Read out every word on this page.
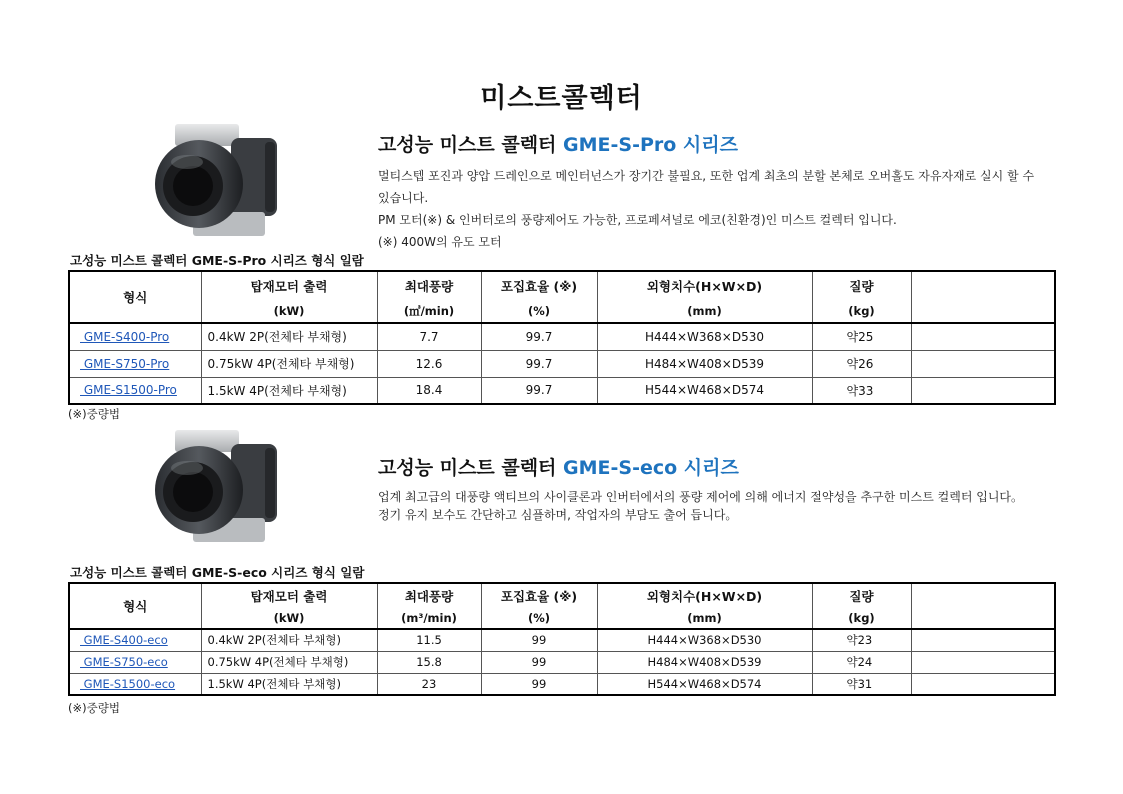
미스트콜렉터
고성능 미스트 콜렉터 GME-S-Pro 시리즈

멀티스텝 포진과 양압 드레인으로 메인터넌스가 장기간 불필요, 또한 업계 최초의 분할 본체로 오버홀도 자유자재로 실시 할 수 있습니다.

PM 모터(※) & 인버터로의 풍량제어도 가능한, 프로페셔널로 에코(친환경)인 미스트 컬렉터 입니다.

(※) 400W의 유도 모터

고성능 미스트 콜렉터 GME-S-Pro 시리즈 형식 일람
형식	탑재모터 출력	최대풍량	포집효율 (※)	외형치수(H×W×D)	질량	
	(kW)	(㎥/min)	(%)	(mm)	(kg)	
GME-S400-Pro	0.4kW 2P(전체타 부채형)	7.7	99.7	H444×W368×D530	약25	
GME-S750-Pro	0.75kW 4P(전체타 부채형)	12.6	99.7	H484×W408×D539	약26	
GME-S1500-Pro	1.5kW 4P(전체타 부채형)	18.4	99.7	H544×W468×D574	약33	
(※)중량법
고성능 미스트 콜렉터 GME-S-eco 시리즈

업계 최고급의 대풍량 액티브의 사이클론과 인버터에서의 풍량 제어에 의해 에너지 절약성을 추구한 미스트 컬렉터 입니다。

정기 유지 보수도 간단하고 심플하며, 작업자의 부담도 출어 듭니다。

고성능 미스트 콜렉터 GME-S-eco 시리즈 형식 일람
형식	탑재모터 출력	최대풍량	포집효율 (※)	외형치수(H×W×D)	질량	
	(kW)	(m³/min)	(%)	(mm)	(kg)	
GME-S400-eco	0.4kW 2P(전체타 부채형)	11.5	99	H444×W368×D530	약23	
GME-S750-eco	0.75kW 4P(전체타 부채형)	15.8	99	H484×W408×D539	약24	
GME-S1500-eco	1.5kW 4P(전체타 부채형)	23	99	H544×W468×D574	약31	
(※)중량법
